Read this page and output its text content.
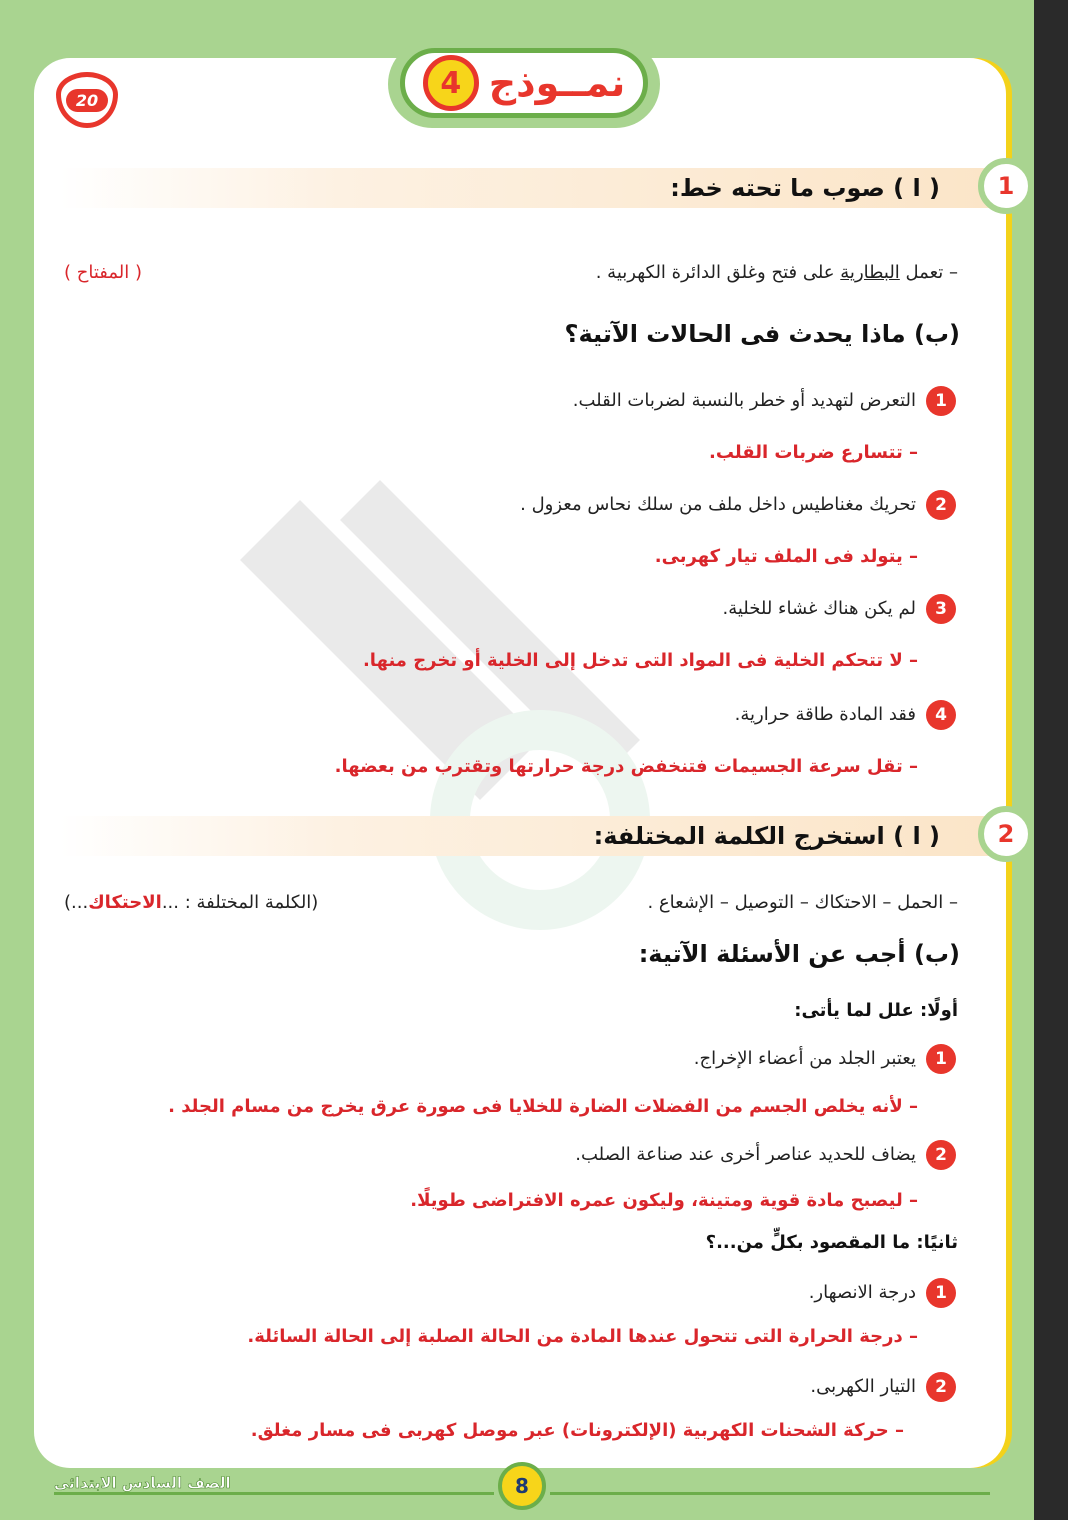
نمــوذج
4
20
( ا ) صوب ما تحته خط:	1
– تعمل البطارية على فتح وغلق الدائرة الكهربية .
( المفتاح )
(ب) ماذا يحدث فى الحالات الآتية؟
1التعرض لتهديد أو خطر بالنسبة لضربات القلب.
– تتسارع ضربات القلب.
2تحريك مغناطيس داخل ملف من سلك نحاس معزول .
– يتولد فى الملف تيار كهربى.
3لم يكن هناك غشاء للخلية.
– لا تتحكم الخلية فى المواد التى تدخل إلى الخلية أو تخرج منها.
4فقد المادة طاقة حرارية.
– تقل سرعة الجسيمات فتنخفض درجة حرارتها وتقترب من بعضها.
( ا ) استخرج الكلمة المختلفة:	2
– الحمل – الاحتكاك – التوصيل – الإشعاع .
(الكلمة المختلفة : ...الاحتكاك...)
(ب) أجب عن الأسئلة الآتية:
أولًا: علل لما يأتى:
1يعتبر الجلد من أعضاء الإخراج.
– لأنه يخلص الجسم من الفضلات الضارة للخلايا فى صورة عرق يخرج من مسام الجلد .
2يضاف للحديد عناصر أخرى عند صناعة الصلب.
– ليصبح مادة قوية ومتينة، وليكون عمره الافتراضى طويلًا.
ثانيًا: ما المقصود بكلٍّ من...؟
1درجة الانصهار.
– درجة الحرارة التى تتحول عندها المادة من الحالة الصلبة إلى الحالة السائلة.
2التيار الكهربى.
– حركة الشحنات الكهربية (الإلكترونات) عبر موصل كهربى فى مسار مغلق.
الصف السادس الابتدائى	8
